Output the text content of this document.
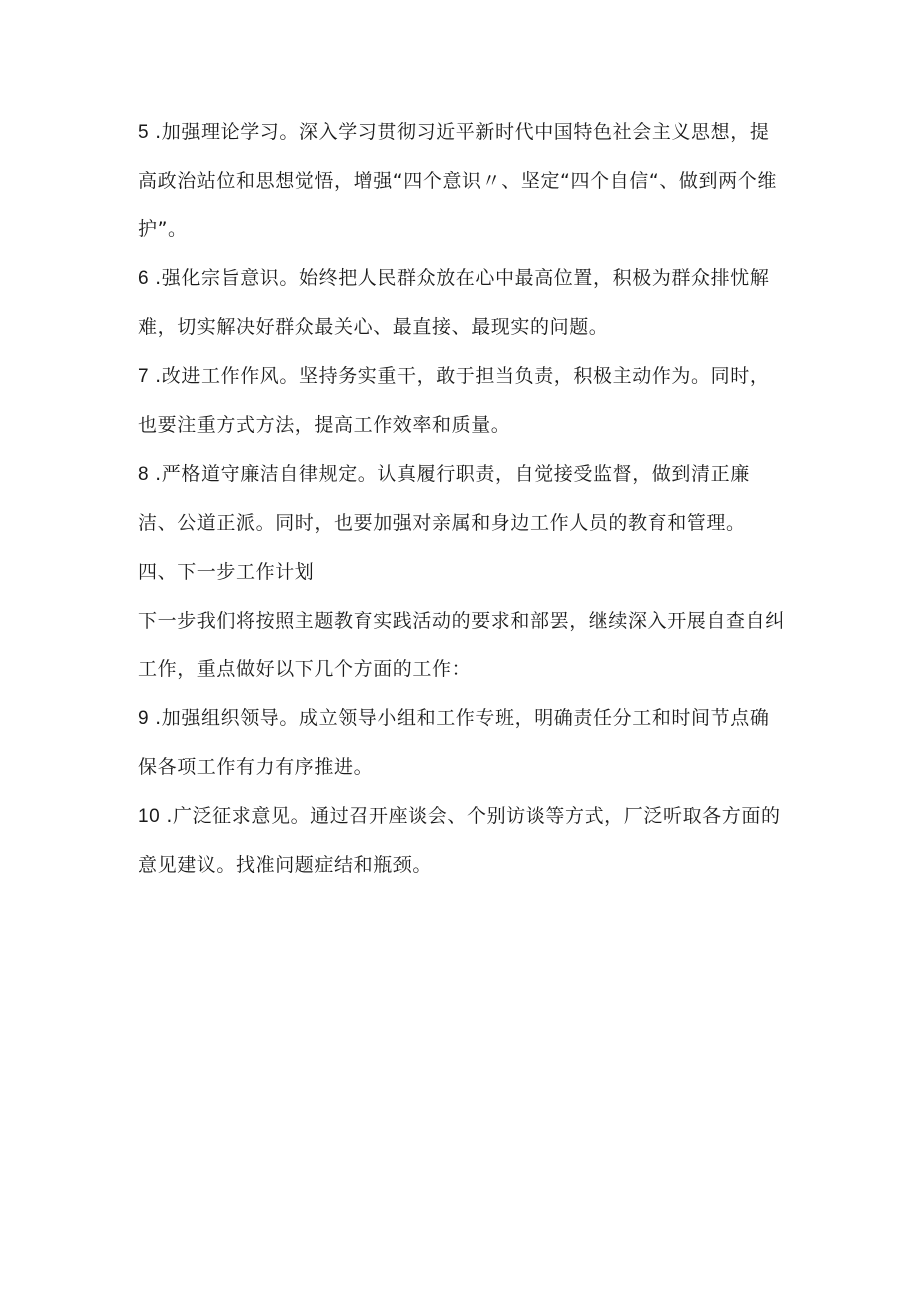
5 .加强理论学习。深入学习贯彻习近平新时代中国特色社会主义思想，提高政治站位和思想觉悟，增强“四个意识〃、坚定“四个自信“、做到两个维护”。

6 .强化宗旨意识。始终把人民群众放在心中最高位置，积极为群众排忧解难，切实解决好群众最关心、最直接、最现实的问题。

7 .改进工作作风。坚持务实重干，敢于担当负责，积极主动作为。同时，也要注重方式方法，提高工作效率和质量。

8 .严格道守廉洁自律规定。认真履行职责，自觉接受监督，做到清正廉洁、公道正派。同时，也要加强对亲属和身边工作人员的教育和管理。

四、下一步工作计划

下一步我们将按照主题教育实践活动的要求和部罢，继续深入开展自查自纠工作，重点做好以下几个方面的工作：

9 .加强组织领导。成立领导小组和工作专班，明确责任分工和时间节点确保各项工作有力有序推进。

10 .广泛征求意见。通过召开座谈会、个别访谈等方式，厂泛听取各方面的意见建议。找准问题症结和瓶颈。
